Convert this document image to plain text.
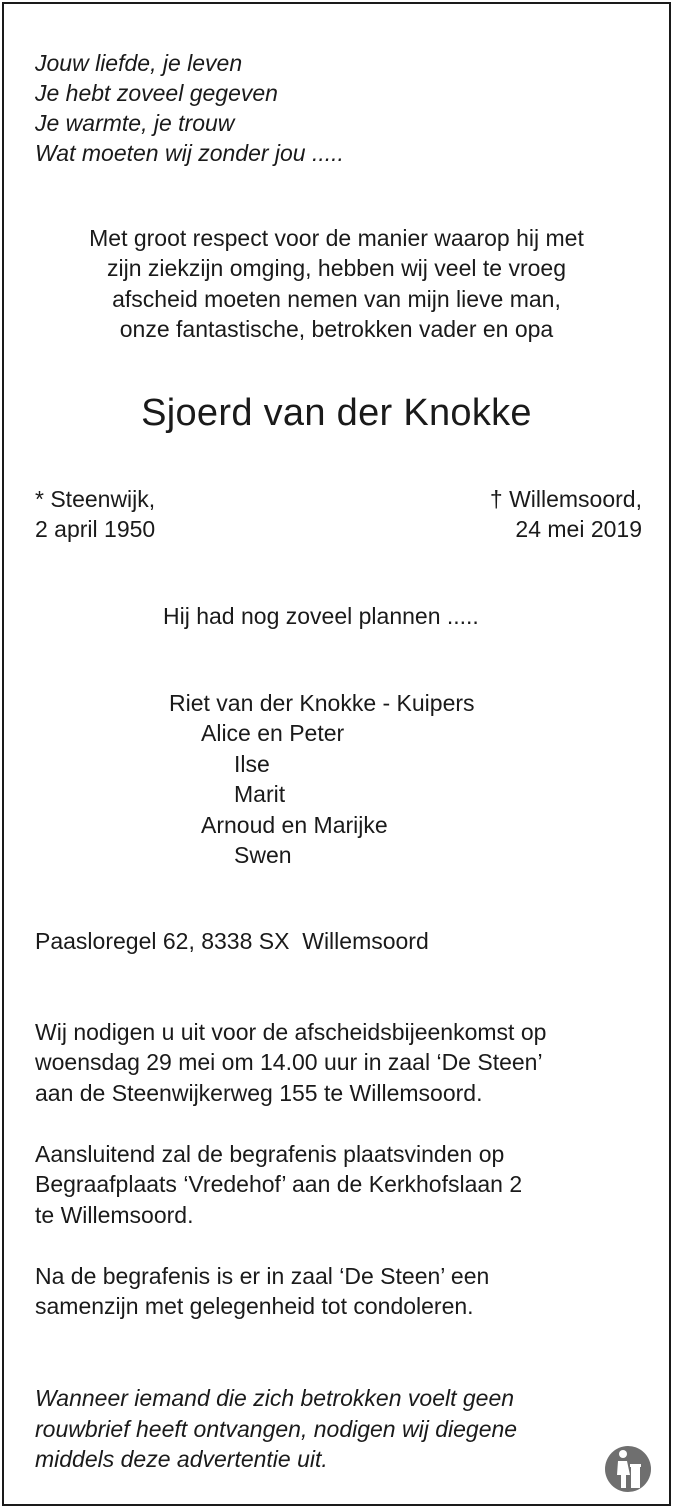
Jouw liefde, je leven
Je hebt zoveel gegeven
Je warmte, je trouw
Wat moeten wij zonder jou .....
Met groot respect voor de manier waarop hij met
zijn ziekzijn omging, hebben wij veel te vroeg
afscheid moeten nemen van mijn lieve man,
onze fantastische, betrokken vader en opa
Sjoerd van der Knokke
* Steenwijk,
2 april 1950
† Willemsoord,
24 mei 2019
Hij had nog zoveel plannen .....
Riet van der Knokke - Kuipers
Alice en Peter
Ilse
Marit
Arnoud en Marijke
Swen
Paasloregel 62, 8338 SX  Willemsoord
Wij nodigen u uit voor de afscheidsbijeenkomst op
woensdag 29 mei om 14.00 uur in zaal ‘De Steen’
aan de Steenwijkerweg 155 te Willemsoord.
Aansluitend zal de begrafenis plaatsvinden op
Begraafplaats ‘Vredehof’ aan de Kerkhofslaan 2
te Willemsoord.
Na de begrafenis is er in zaal ‘De Steen’ een
samenzijn met gelegenheid tot condoleren.
Wanneer iemand die zich betrokken voelt geen
rouwbrief heeft ontvangen, nodigen wij diegene
middels deze advertentie uit.
